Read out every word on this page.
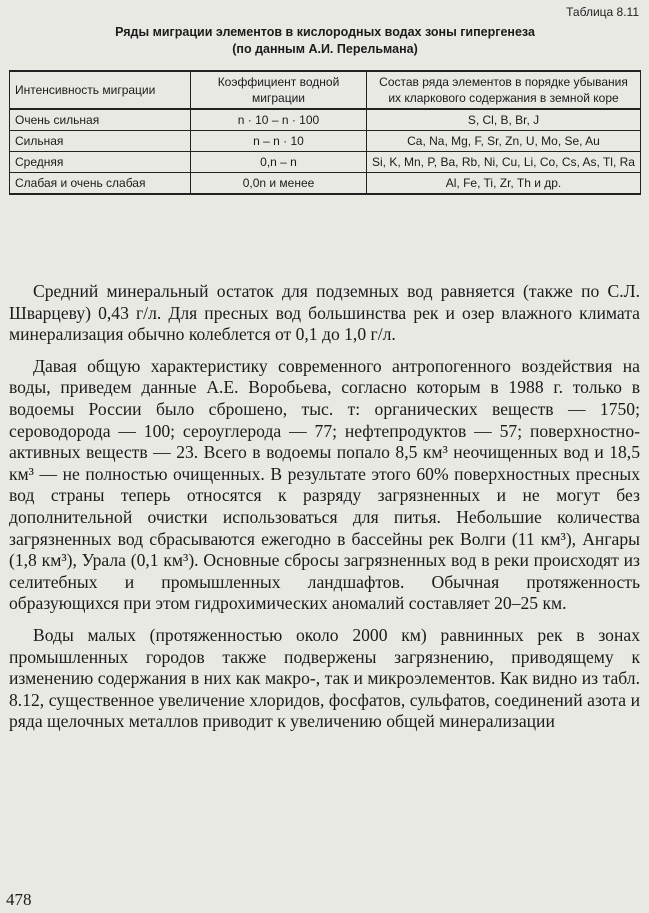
Таблица 8.11
Ряды миграции элементов в кислородных водах зоны гипергенеза
(по данным А.И. Перельмана)
Интенсивность миграции	Коэффициент водной миграции	Состав ряда элементов в порядке убывания их кларкового содержания в земной коре
Очень сильная	n · 10 – n · 100	S, Cl, B, Br, J
Сильная	n – n · 10	Ca, Na, Mg, F, Sr, Zn, U, Mo, Se, Au
Средняя	0,n – n	Si, K, Mn, P, Ba, Rb, Ni, Cu, Li, Co, Cs, As, Tl, Ra
Слабая и очень слабая	0,0n и менее	Al, Fe, Ti, Zr, Th и др.

Средний минеральный остаток для подземных вод равняется (также по С.Л. Шварцеву) 0,43 г/л. Для пресных вод большинства рек и озер влажного климата минерализация обычно колеблется от 0,1 до 1,0 г/л.

Давая общую характеристику современного антропогенного воздействия на воды, приведем данные А.Е. Воробьева, согласно которым в 1988 г. только в водоемы России было сброшено, тыс. т: органических веществ — 1750; сероводорода — 100; сероуглерода — 77; нефтепродуктов — 57; поверхностно-активных веществ — 23. Всего в водоемы попало 8,5 км³ неочищенных вод и 18,5 км³ — не полностью очищенных. В результате этого 60% поверхностных пресных вод страны теперь относятся к разряду загрязненных и не могут без дополнительной очистки использоваться для питья. Небольшие количества загрязненных вод сбрасываются ежегодно в бассейны рек Волги (11 км³), Ангары (1,8 км³), Урала (0,1 км³). Основные сбросы загрязненных вод в реки происходят из селитебных и промышленных ландшафтов. Обычная протяженность образующихся при этом гидрохимических аномалий составляет 20–25 км.

Воды малых (протяженностью около 2000 км) равнинных рек в зонах промышленных городов также подвержены загрязнению, приводящему к изменению содержания в них как макро-, так и микроэлементов. Как видно из табл. 8.12, существенное увеличение хлоридов, фосфатов, сульфатов, соединений азота и ряда щелочных металлов приводит к увеличению общей минерализации

478
